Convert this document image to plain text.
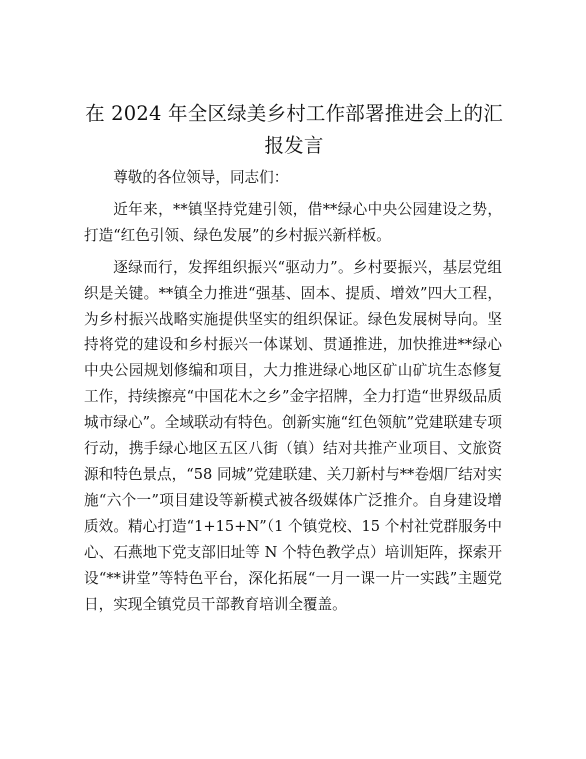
在 2024 年全区绿美乡村工作部署推进会上的汇报发言

尊敬的各位领导，同志们：

近年来，**镇坚持党建引领，借**绿心中央公园建设之势，打造“红色引领、绿色发展”的乡村振兴新样板。

逐绿而行，发挥组织振兴“驱动力”。乡村要振兴，基层党组织是关键。**镇全力推进“强基、固本、提质、增效”四大工程，为乡村振兴战略实施提供坚实的组织保证。绿色发展树导向。坚持将党的建设和乡村振兴一体谋划、贯通推进，加快推进**绿心中央公园规划修编和项目，大力推进绿心地区矿山矿坑生态修复工作，持续擦亮“中国花木之乡”金字招牌，全力打造“世界级品质城市绿心”。全域联动有特色。创新实施“红色领航”党建联建专项行动，携手绿心地区五区八街（镇）结对共推产业项目、文旅资源和特色景点，“58 同城”党建联建、关刀新村与**卷烟厂结对实施“六个一”项目建设等新模式被各级媒体广泛推介。自身建设增质效。精心打造“1+15+N”（1 个镇党校、15 个村社党群服务中心、石燕地下党支部旧址等 N 个特色教学点）培训矩阵，探索开设“**讲堂”等特色平台，深化拓展“一月一课一片一实践”主题党日，实现全镇党员干部教育培训全覆盖。
